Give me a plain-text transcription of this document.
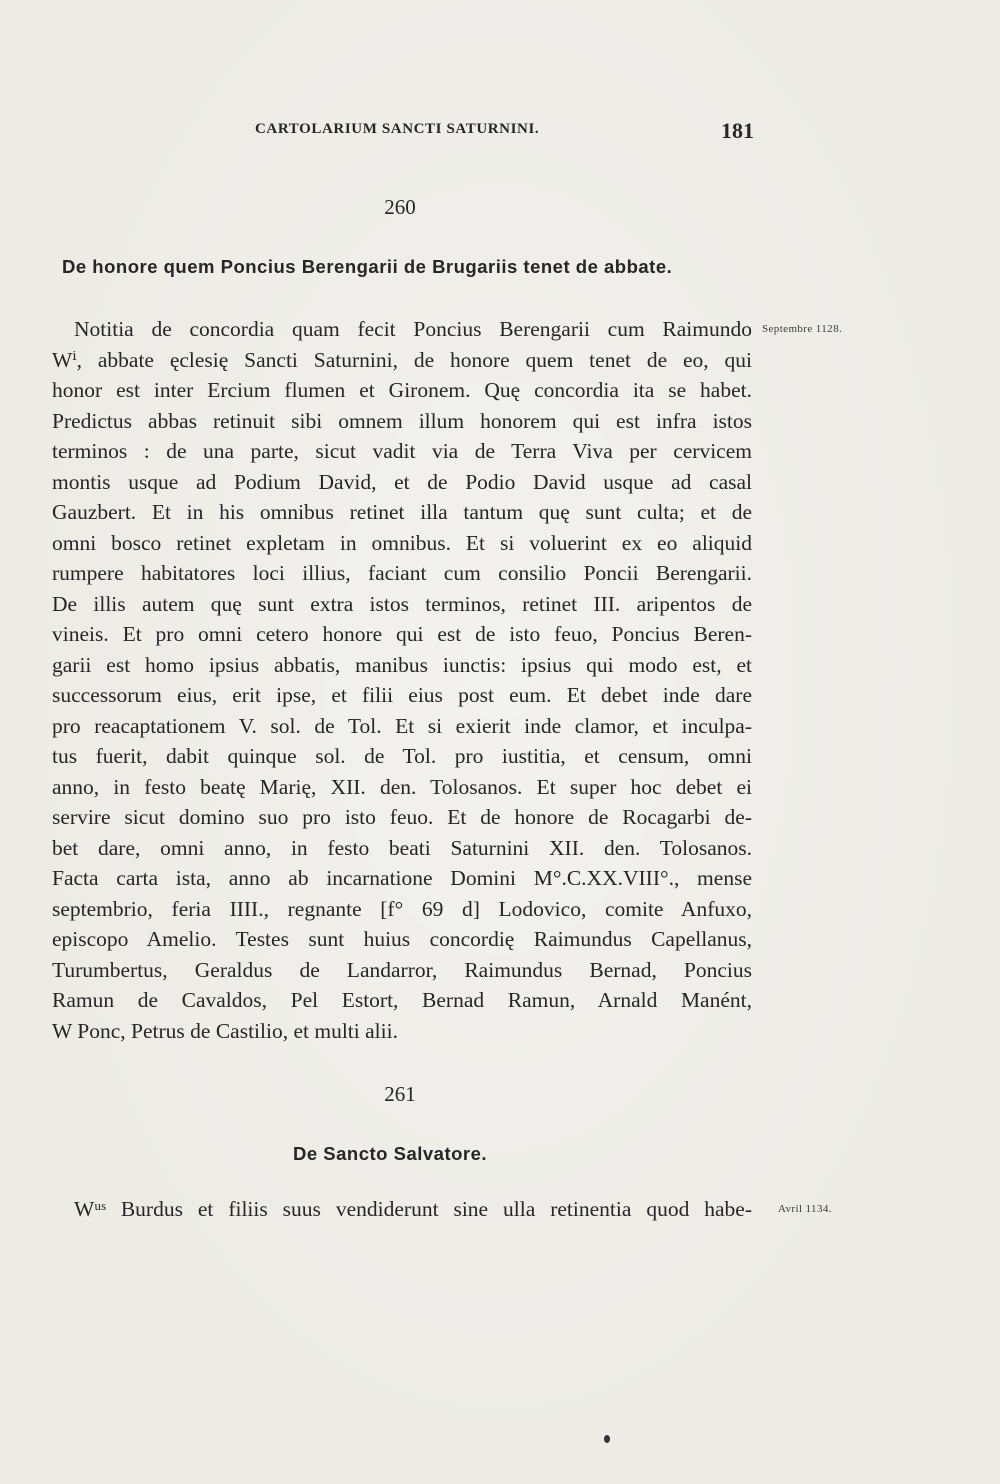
CARTOLARIUM SANCTI SATURNINI.	181
260
De honore quem Poncius Berengarii de Brugariis tenet de abbate.
Septembre 1128.
Notitia de concordia quam fecit Poncius Berengarii cum Raimundo
Wⁱ, abbate ęclesię Sancti Saturnini, de honore quem tenet de eo, qui
honor est inter Ercium flumen et Gironem. Quę concordia ita se habet.
Predictus abbas retinuit sibi omnem illum honorem qui est infra istos
terminos : de una parte, sicut vadit via de Terra Viva per cervicem
montis usque ad Podium David, et de Podio David usque ad casal
Gauzbert. Et in his omnibus retinet illa tantum quę sunt culta; et de
omni bosco retinet expletam in omnibus. Et si voluerint ex eo aliquid
rumpere habitatores loci illius, faciant cum consilio Poncii Berengarii.
De illis autem quę sunt extra istos terminos, retinet III. aripentos de
vineis. Et pro omni cetero honore qui est de isto feuo, Poncius Beren-
garii est homo ipsius abbatis, manibus iunctis: ipsius qui modo est, et
successorum eius, erit ipse, et filii eius post eum. Et debet inde dare
pro reacaptationem V. sol. de Tol. Et si exierit inde clamor, et inculpa-
tus fuerit, dabit quinque sol. de Tol. pro iustitia, et censum, omni
anno, in festo beatę Marię, XII. den. Tolosanos. Et super hoc debet ei
servire sicut domino suo pro isto feuo. Et de honore de Rocagarbi de-
bet dare, omni anno, in festo beati Saturnini XII. den. Tolosanos.
Facta carta ista, anno ab incarnatione Domini M°.C.XX.VIII°., mense
septembrio, feria IIII., regnante [f° 69 d] Lodovico, comite Anfuxo,
episcopo Amelio. Testes sunt huius concordię Raimundus Capellanus,
Turumbertus, Geraldus de Landarror, Raimundus Bernad, Poncius
Ramun de Cavaldos, Pel Estort, Bernad Ramun, Arnald Manént,
W Ponc, Petrus de Castilio, et multi alii.
261
De Sancto Salvatore.
Avril 1134.
Wᵘˢ Burdus et filiis suus vendiderunt sine ulla retinentia quod habe-
